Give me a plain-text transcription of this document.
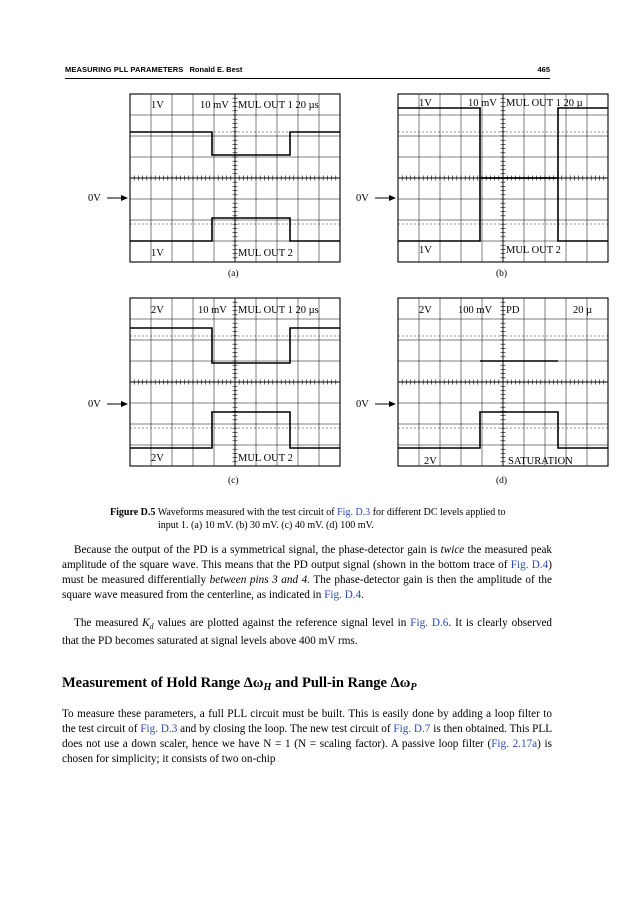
MEASURING PLL PARAMETERS Ronald E. Best	465
1V	10 mV MUL OUT 1 20 µs
1V	MUL OUT 2
(a)
1V	10 mV MUL OUT 1 20 µ
1V	MUL OUT 2
(b)
2V	10 mV MUL OUT 1 20 µs
2V	MUL OUT 2
(c)
2V 100 mV PD	20 µ
2V	SATURATION
(d)
0V	0V
0V	0V
Figure D.5 Waveforms measured with the test circuit of Fig. D.3 for different DC levels applied to
input 1. (a) 10 mV. (b) 30 mV. (c) 40 mV. (d) 100 mV.
Because the output of the PD is a symmetrical signal, the phase-detector gain is twice the measured peak amplitude of the square wave. This means that the PD output signal (shown in the bottom trace of Fig. D.4) must be measured differentially between pins 3 and 4. The phase-detector gain is then the amplitude of the square wave measured from the centerline, as indicated in Fig. D.4.
The measured $K_d$ values are plotted against the reference signal level in Fig. D.6. It is clearly observed that the PD becomes saturated at signal levels above 400 mV rms.
Measurement of Hold Range $\Delta\omega_H$ and Pull-in Range $\Delta\omega_P$
To measure these parameters, a full PLL circuit must be built. This is easily done by adding a loop filter to the test circuit of Fig. D.3 and by closing the loop. The new test circuit of Fig. D.7 is then obtained. This PLL does not use a down scaler, hence we have N = 1 (N = scaling factor). A passive loop filter (Fig. 2.17a) is chosen for simplicity; it consists of two on-chip
